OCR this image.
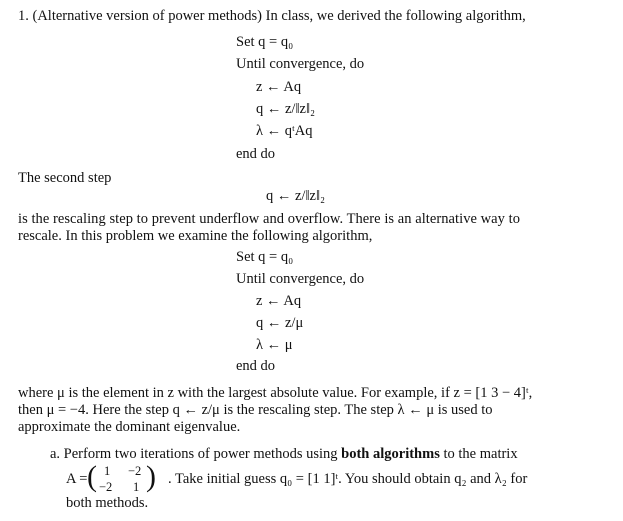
1. (Alternative version of power methods) In class, we derived the following algorithm,
Set q = q₀
Until convergence, do
z ← Aq
q ← z/‖z‖₂
λ ← qᵗAq
end do
The second step
q ← z/‖z‖₂
is the rescaling step to prevent underflow and overflow. There is an alternative way to
rescale. In this problem we examine the following algorithm,
Set q = q₀
Until convergence, do
z ← Aq
q ← z/μ
λ ← μ
end do
where μ is the element in z with the largest absolute value. For example, if z = [1 3 − 4]ᵗ,
then μ = −4. Here the step q ← z/μ is the rescaling step. The step λ ← μ is used to
approximate the dominant eigenvalue.
a. Perform two iterations of power methods using both algorithms to the matrix
A = ( 1 −2
−2 1 ) . Take initial guess q₀ = [1 1]ᵗ. You should obtain q₂ and λ₂ for
both methods.
